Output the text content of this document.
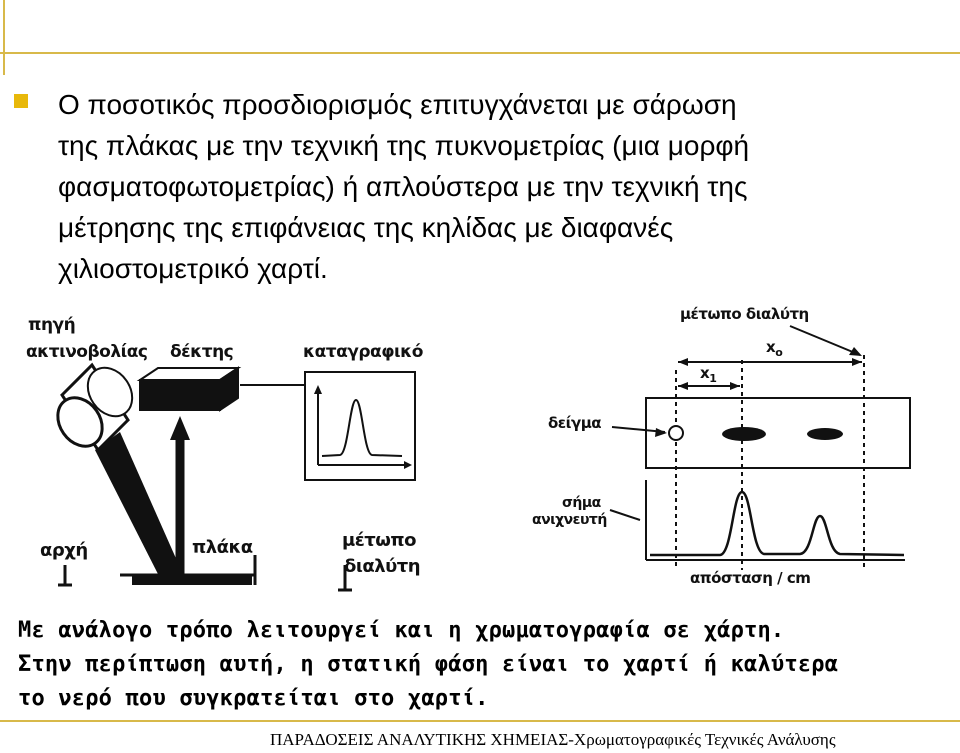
Ο ποσοτικός προσδιορισμός επιτυγχάνεται με σάρωση
της πλάκας με την τεχνική της πυκνομετρίας (μια μορφή
φασματοφωτομετρίας) ή απλούστερα με την τεχνική της
μέτρησης της επιφάνειας της κηλίδας με διαφανές
χιλιοστομετρικό χαρτί.
πηγή
ακτινοβολίας δέκτης	καταγραφικό
αρχή	πλάκα	μέτωπο
διαλύτη
μέτωπο διαλύτη
$x_o$
$x_1$
δείγμα
σήμα
ανιχνευτή
απόσταση / cm
Με ανάλογο τρόπο λειτουργεί και η χρωματογραφία σε χάρτη.
Στην περίπτωση αυτή, η στατική φάση είναι το χαρτί ή καλύτερα
το νερό που συγκρατείται στο χαρτί.
ΠΑΡΑΔΟΣΕΙΣ ΑΝΑΛΥΤΙΚΗΣ ΧΗΜΕΙΑΣ-Χρωματογραφικές Τεχνικές Ανάλυσης
